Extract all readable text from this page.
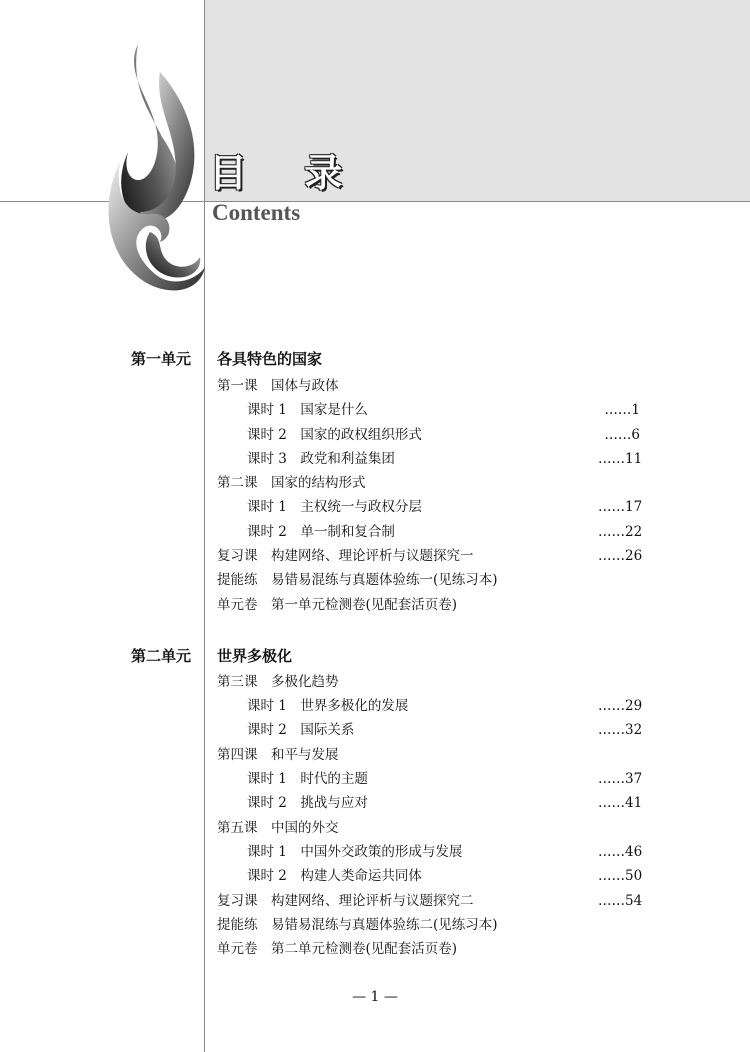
目 录
Contents
第一单元 各具特色的国家
第一课　国体与政体
课时 1　国家是什么	……1
课时 2　国家的政权组织形式	……6
课时 3　政党和利益集团	……11
第二课　国家的结构形式
课时 1　主权统一与政权分层	……17
课时 2　单一制和复合制	……22
复习课　构建网络、理论评析与议题探究一	……26
提能练　易错易混练与真题体验练一(见练习本)
单元卷　第一单元检测卷(见配套活页卷)
第二单元 世界多极化
第三课　多极化趋势
课时 1　世界多极化的发展	……29
课时 2　国际关系	……32
第四课　和平与发展
课时 1　时代的主题	……37
课时 2　挑战与应对	……41
第五课　中国的外交
课时 1　中国外交政策的形成与发展	……46
课时 2　构建人类命运共同体	……50
复习课　构建网络、理论评析与议题探究二	……54
提能练　易错易混练与真题体验练二(见练习本)
单元卷　第二单元检测卷(见配套活页卷)
— 1 —
